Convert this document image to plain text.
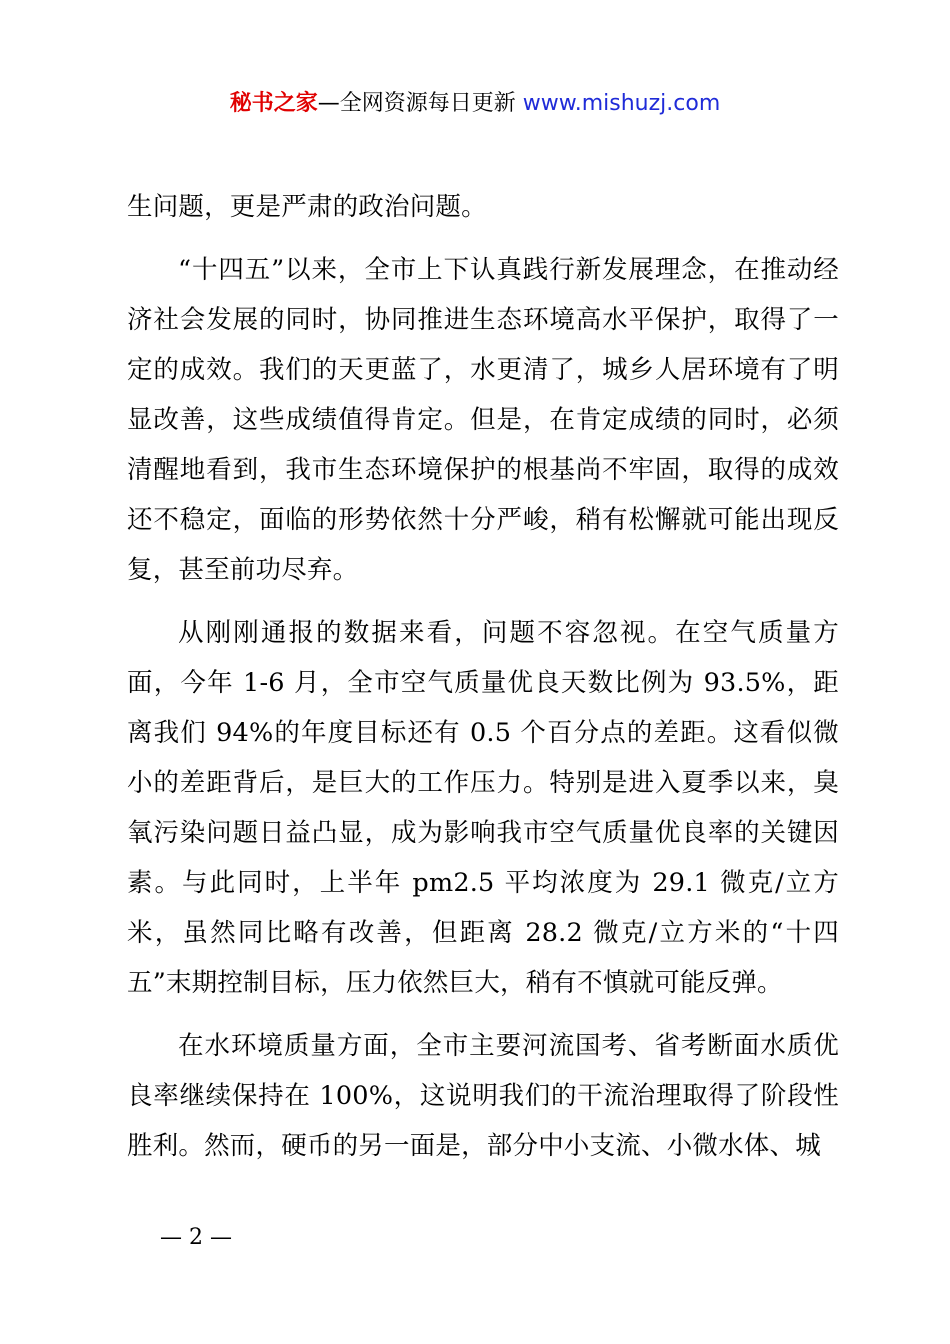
秘书之家—全网资源每日更新 www.mishuzj.com

生问题，更是严肃的政治问题。

“十四五”以来，全市上下认真践行新发展理念，在推动经济社会发展的同时，协同推进生态环境高水平保护，取得了一定的成效。我们的天更蓝了，水更清了，城乡人居环境有了明显改善，这些成绩值得肯定。但是，在肯定成绩的同时，必须清醒地看到，我市生态环境保护的根基尚不牢固，取得的成效还不稳定，面临的形势依然十分严峻，稍有松懈就可能出现反复，甚至前功尽弃。

从刚刚通报的数据来看，问题不容忽视。在空气质量方面，今年 1-6 月，全市空气质量优良天数比例为 93.5%，距离我们 94%的年度目标还有 0.5 个百分点的差距。这看似微小的差距背后，是巨大的工作压力。特别是进入夏季以来，臭氧污染问题日益凸显，成为影响我市空气质量优良率的关键因素。与此同时，上半年 pm2.5 平均浓度为 29.1 微克/立方米，虽然同比略有改善，但距离 28.2 微克/立方米的“十四五”末期控制目标，压力依然巨大，稍有不慎就可能反弹。

在水环境质量方面，全市主要河流国考、省考断面水质优良率继续保持在 100%，这说明我们的干流治理取得了阶段性胜利。然而，硬币的另一面是，部分中小支流、小微水体、城

— 2 —
